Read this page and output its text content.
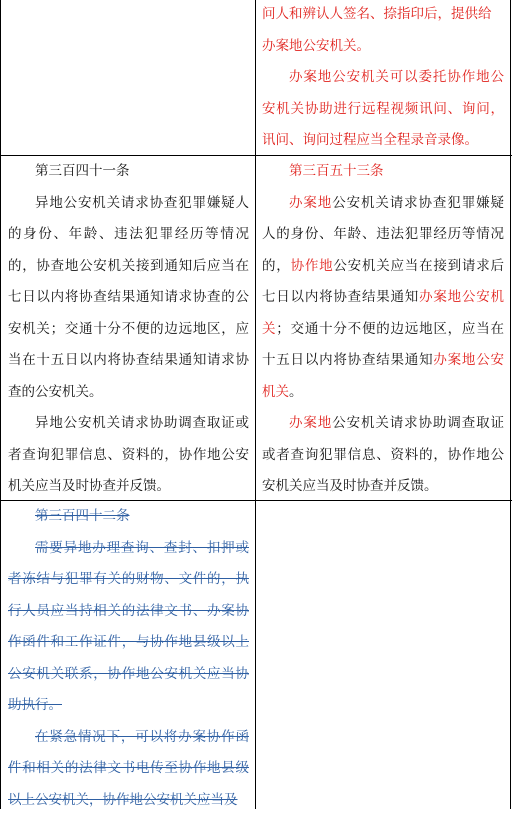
问人和辨认人签名、捺指印后，提供给

办案地公安机关。

办案地公安机关可以委托协作地公安机关协助进行远程视频讯问、询问，讯问、询问过程应当全程录音录像。

第三百四十一条

异地公安机关请求协查犯罪嫌疑人的身份、年龄、违法犯罪经历等情况的，协查地公安机关接到通知后应当在七日以内将协查结果通知请求协查的公安机关；交通十分不便的边远地区，应当在十五日以内将协查结果通知请求协查的公安机关。

异地公安机关请求协助调查取证或者查询犯罪信息、资料的，协作地公安机关应当及时协查并反馈。

第三百五十三条

办案地公安机关请求协查犯罪嫌疑人的身份、年龄、违法犯罪经历等情况的，协作地公安机关应当在接到请求后七日以内将协查结果通知办案地公安机关；交通十分不便的边远地区，应当在十五日以内将协查结果通知办案地公安机关。

办案地公安机关请求协助调查取证或者查询犯罪信息、资料的，协作地公安机关应当及时协查并反馈。

第三百四十二条

需要异地办理查询、查封、扣押或者冻结与犯罪有关的财物、文件的，执行人员应当持相关的法律文书、办案协作函件和工作证件，与协作地县级以上公安机关联系，协作地公安机关应当协助执行。

在紧急情况下，可以将办案协作函件和相关的法律文书电传至协作地县级以上公安机关，协作地公安机关应当及
